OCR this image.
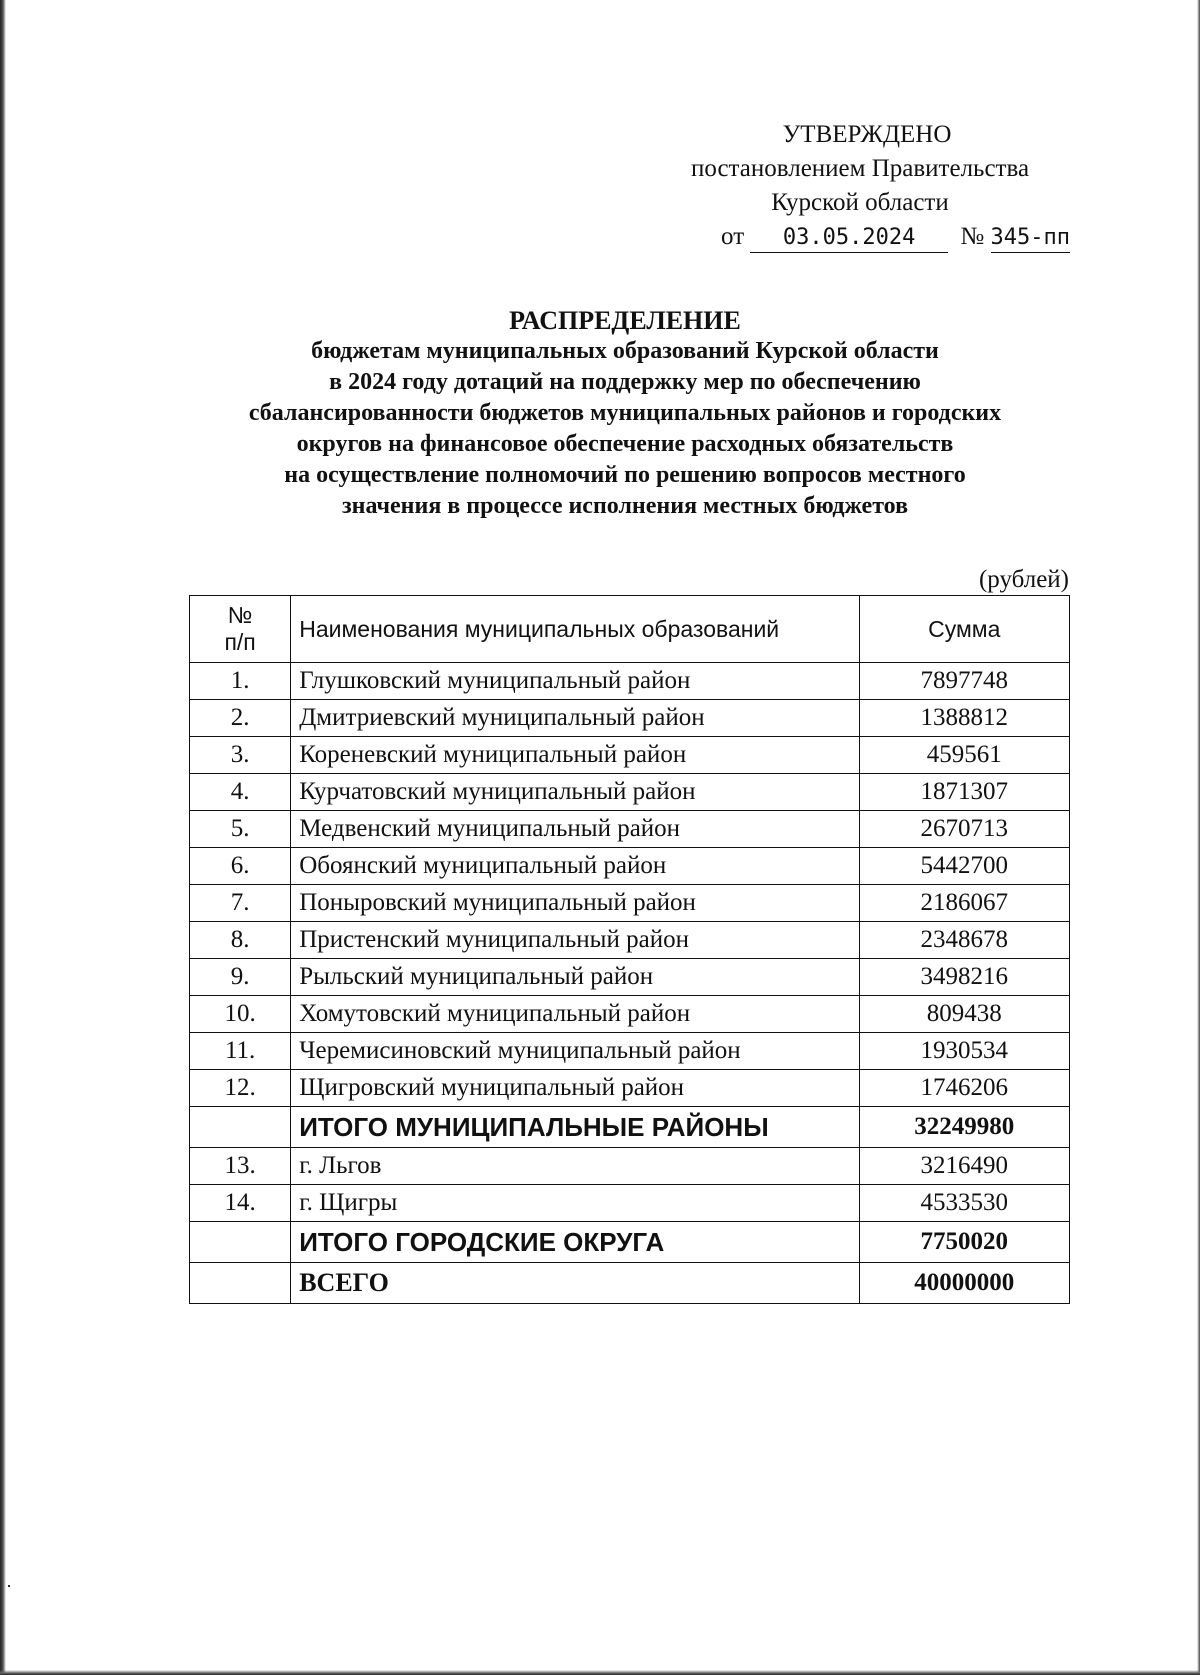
УТВЕРЖДЕНО
постановлением Правительства
Курской области
от 03.05.2024 № 345-пп
РАСПРЕДЕЛЕНИЕ
бюджетам муниципальных образований Курской области
в 2024 году дотаций на поддержку мер по обеспечению
сбалансированности бюджетов муниципальных районов и городских
округов на финансовое обеспечение расходных обязательств
на осуществление полномочий по решению вопросов местного
значения в процессе исполнения местных бюджетов
(рублей)
№
п/п	Наименования муниципальных образований	Сумма
1.	Глушковский муниципальный район	7897748
2.	Дмитриевский муниципальный район	1388812
3.	Кореневский муниципальный район	459561
4.	Курчатовский муниципальный район	1871307
5.	Медвенский муниципальный район	2670713
6.	Обоянский муниципальный район	5442700
7.	Поныровский муниципальный район	2186067
8.	Пристенский муниципальный район	2348678
9.	Рыльский муниципальный район	3498216
10.	Хомутовский муниципальный район	809438
11.	Черемисиновский муниципальный район	1930534
12.	Щигровский муниципальный район	1746206
	ИТОГО МУНИЦИПАЛЬНЫЕ РАЙОНЫ	32249980
13.	г. Льгов	3216490
14.	г. Щигры	4533530
	ИТОГО ГОРОДСКИЕ ОКРУГА	7750020
	ВСЕГО	40000000
